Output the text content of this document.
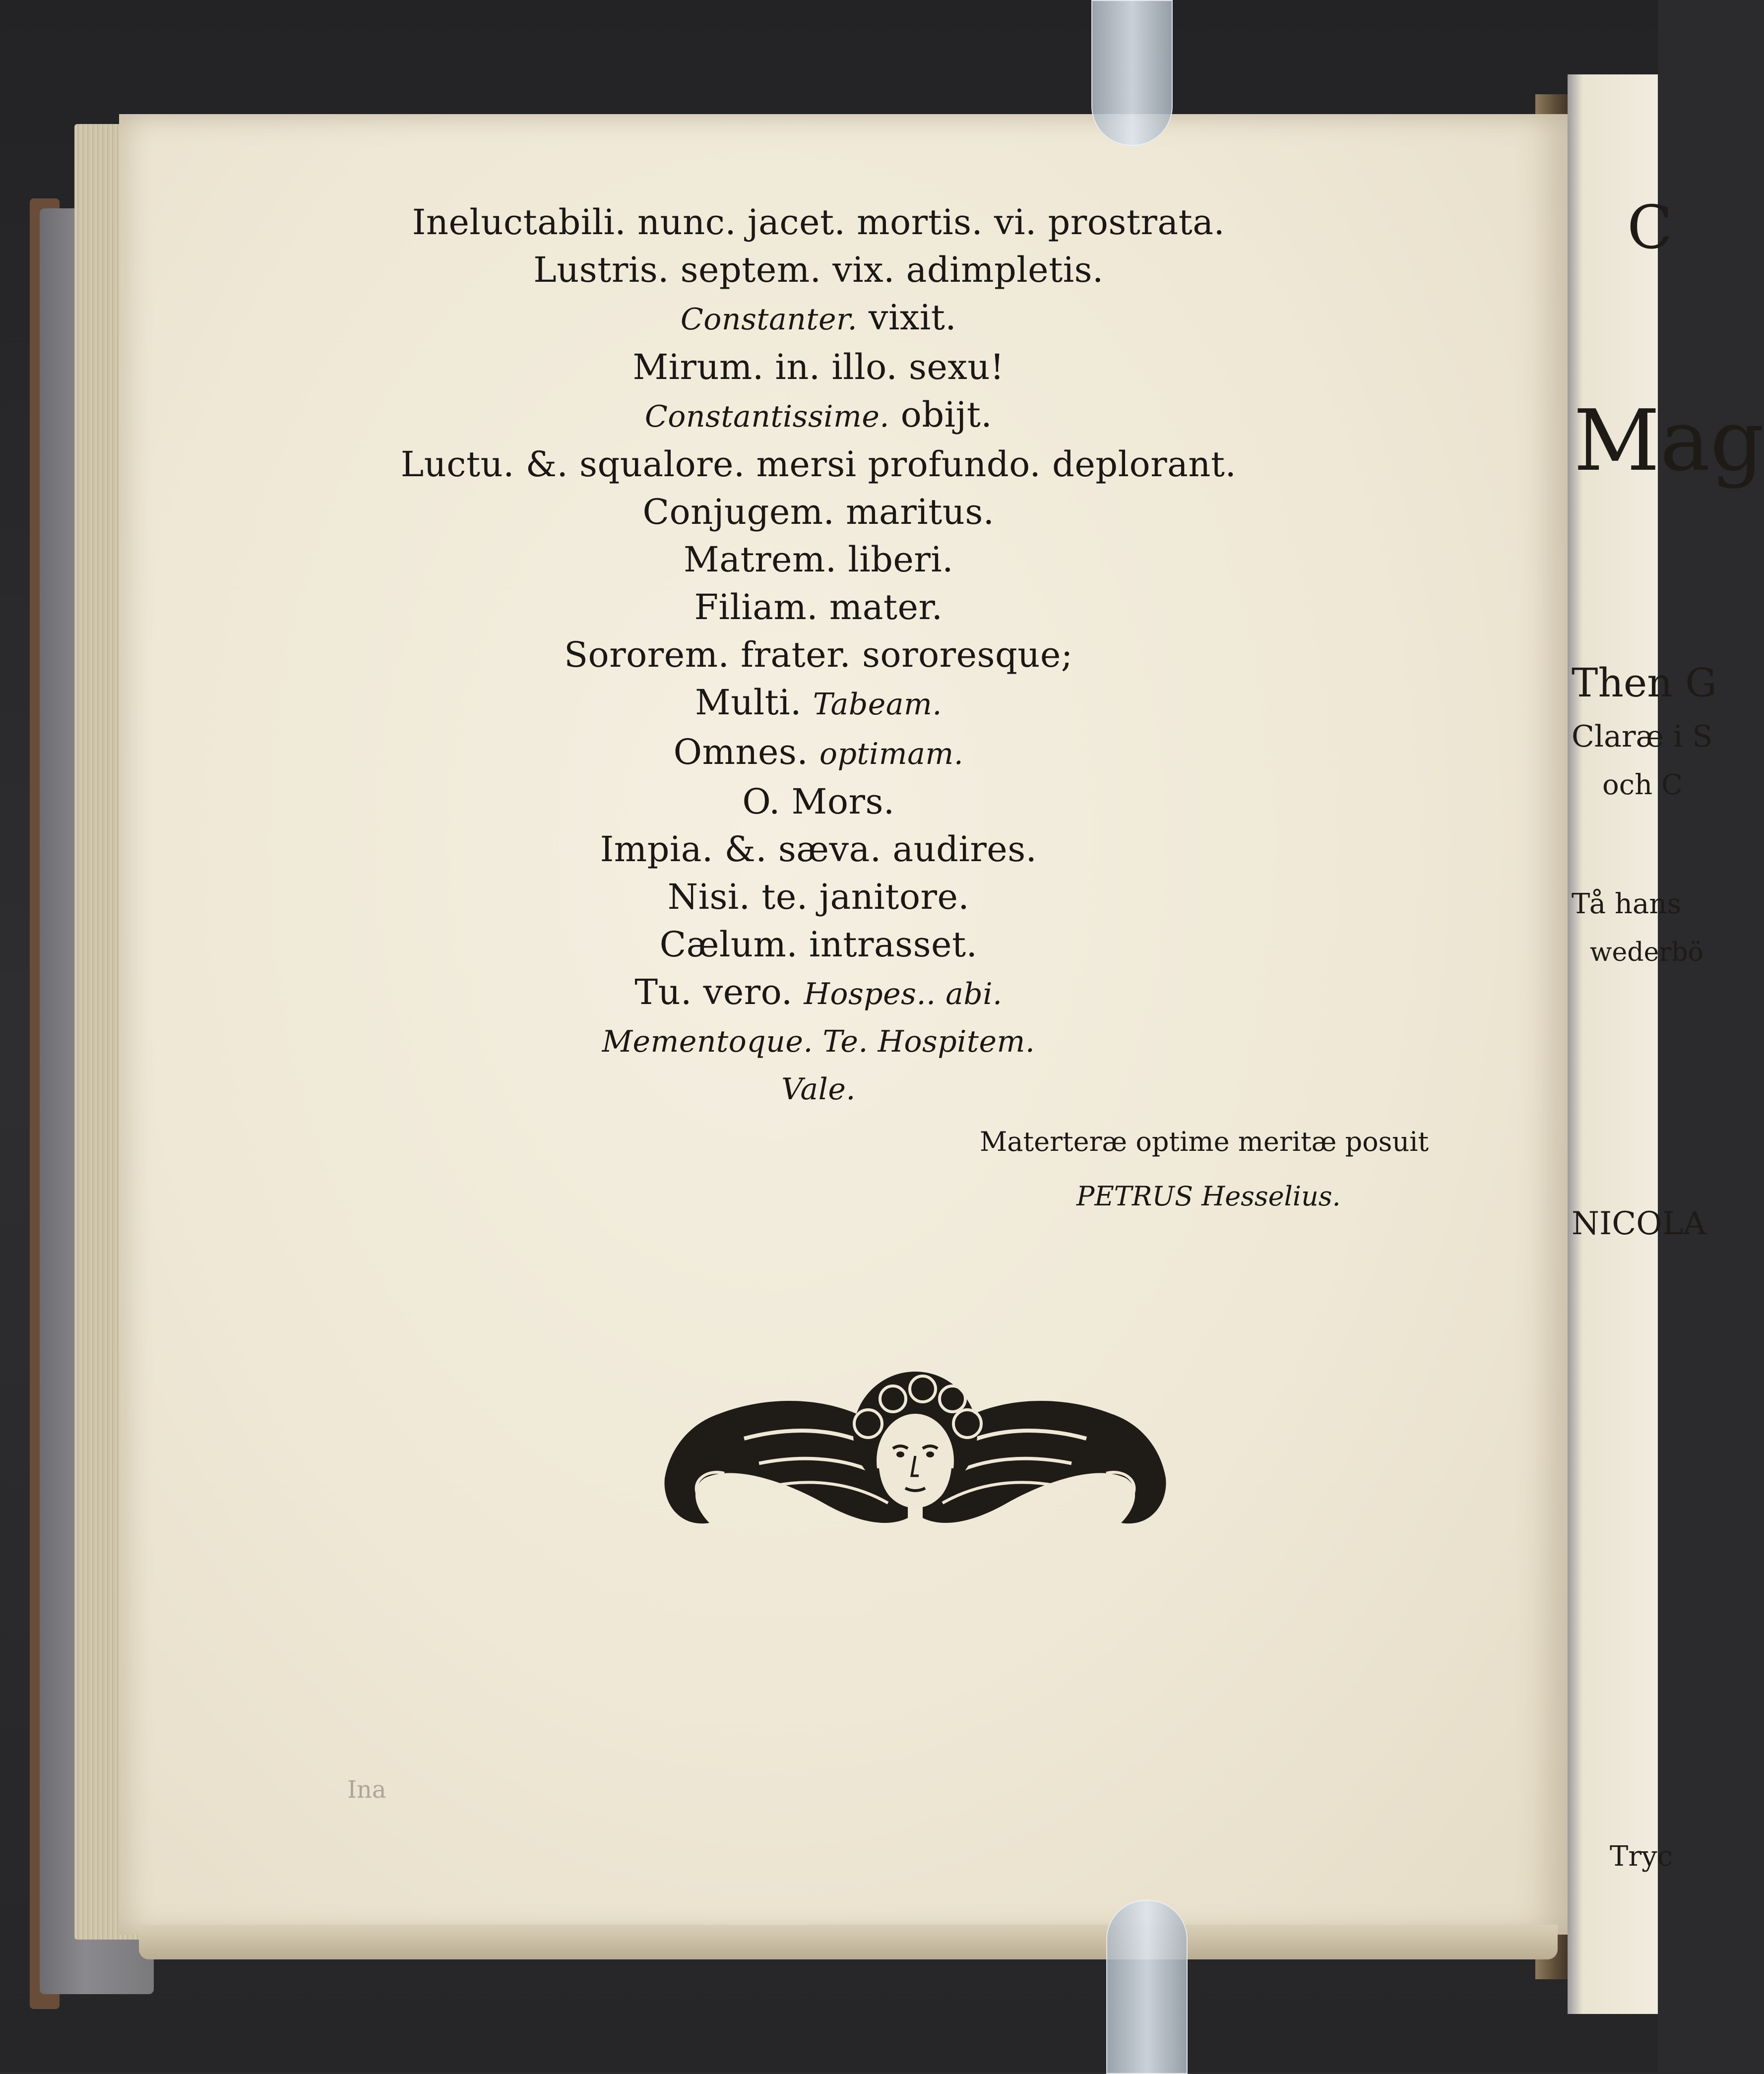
C
Mag
Then G
Claræ i S
och C
Tå hans
wederbö
NICOLA
Tryc
Ineluctabili. nunc. jacet. mortis. vi. prostrata.
Lustris. septem. vix. adimpletis.
Constanter. vixit.
Mirum. in. illo. sexu!
Constantissime. obijt.
Luctu. &. squalore. mersi profundo. deplorant.
Conjugem. maritus.
Matrem. liberi.
Filiam. mater.
Sororem. frater. sororesque;
Multi. Tabeam.
Omnes. optimam.
O. Mors.
Impia. &. sæva. audires.
Nisi. te. janitore.
Cælum. intrasset.
Tu. vero. Hospes.. abi.
Mementoque. Te. Hospitem.
Vale.
Materteræ optime meritæ posuit
PETRUS Hesselius.
Ina
